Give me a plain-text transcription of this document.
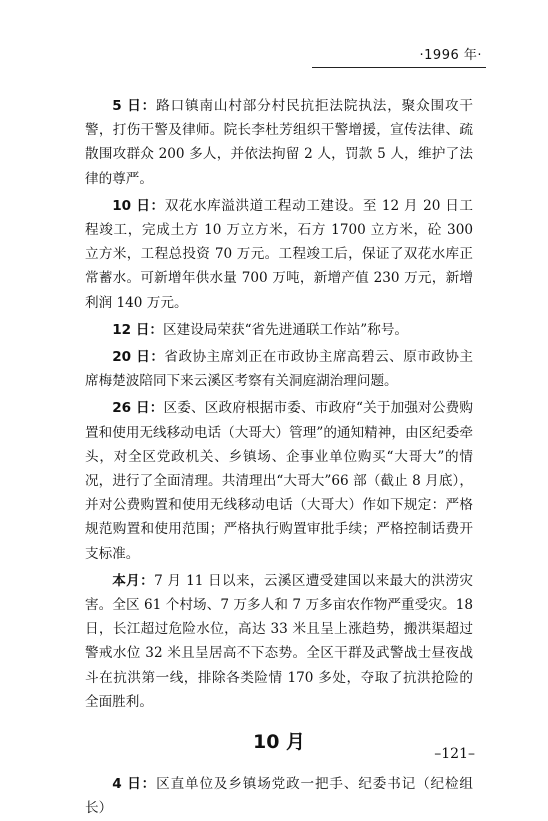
·1996 年·

5 日：路口镇南山村部分村民抗拒法院执法，聚众围攻干警，打伤干警及律师。院长李杜芳组织干警增援，宣传法律、疏散围攻群众 200 多人，并依法拘留 2 人，罚款 5 人，维护了法律的尊严。

10 日：双花水库溢洪道工程动工建设。至 12 月 20 日工程竣工，完成土方 10 万立方米，石方 1700 立方米，砼 300 立方米，工程总投资 70 万元。工程竣工后，保证了双花水库正常蓄水。可新增年供水量 700 万吨，新增产值 230 万元，新增利润 140 万元。

12 日：区建设局荣获“省先进通联工作站”称号。

20 日：省政协主席刘正在市政协主席高碧云、原市政协主席梅楚波陪同下来云溪区考察有关洞庭湖治理问题。

26 日：区委、区政府根据市委、市政府“关于加强对公费购置和使用无线移动电话（大哥大）管理”的通知精神，由区纪委牵头，对全区党政机关、乡镇场、企事业单位购买“大哥大”的情况，进行了全面清理。共清理出“大哥大”66 部（截止 8 月底），并对公费购置和使用无线移动电话（大哥大）作如下规定：严格规范购置和使用范围；严格执行购置审批手续；严格控制话费开支标准。

本月：7 月 11 日以来，云溪区遭受建国以来最大的洪涝灾害。全区 61 个村场、7 万多人和 7 万多亩农作物严重受灾。18 日，长江超过危险水位，高达 33 米且呈上涨趋势，搬洪渠超过警戒水位 32 米且呈居高不下态势。全区干群及武警战士昼夜战斗在抗洪第一线，排除各类险情 170 多处，夺取了抗洪抢险的全面胜利。

10 月

4 日：区直单位及乡镇场党政一把手、纪委书记（纪检组长）

–121–
